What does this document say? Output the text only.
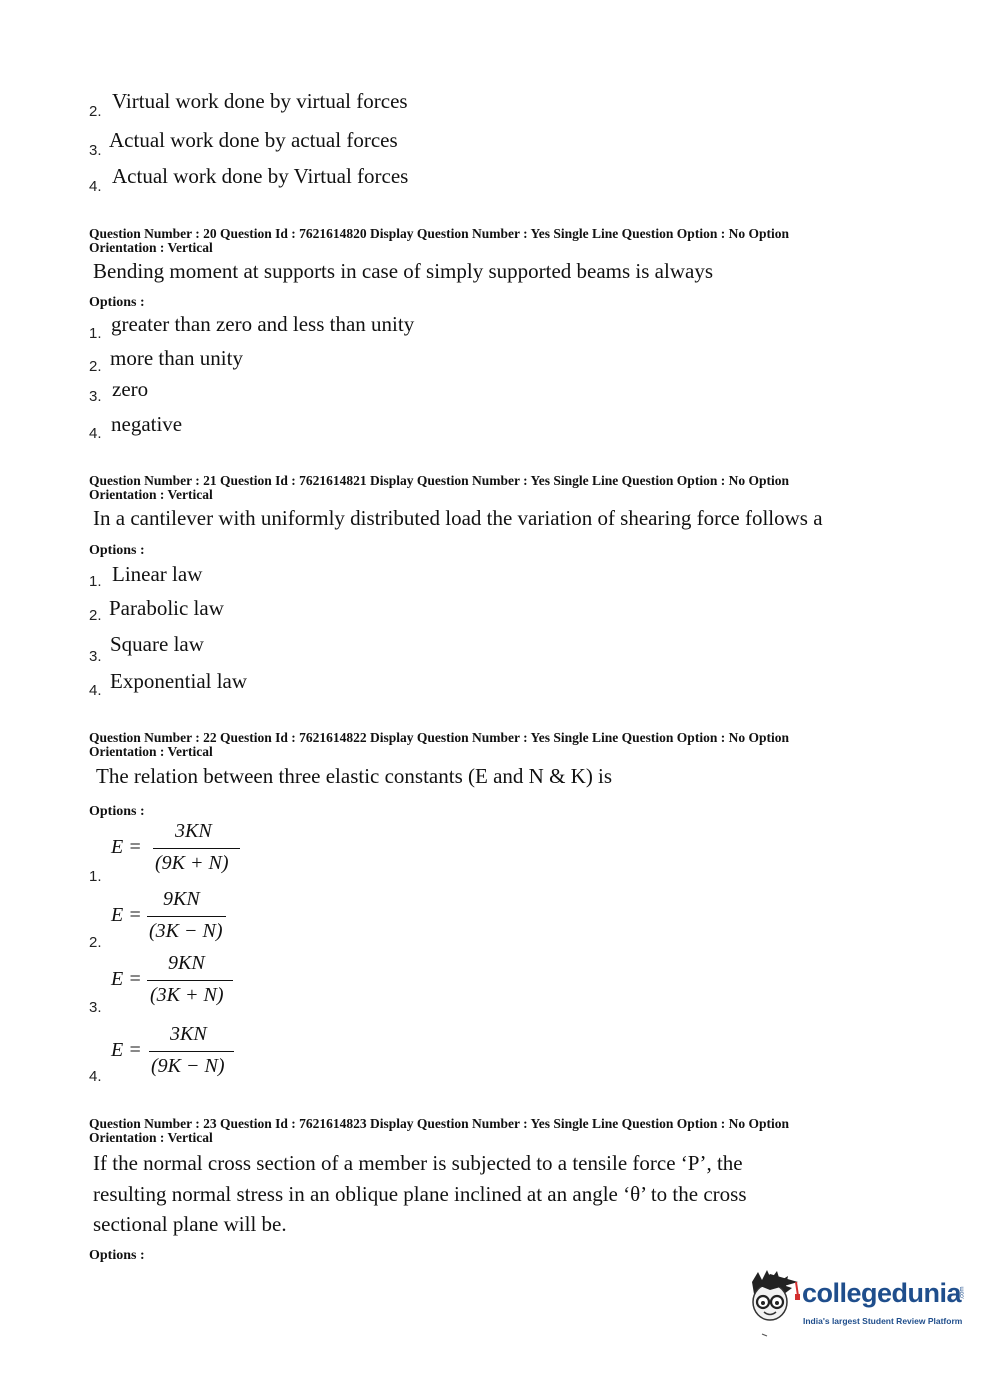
2. Virtual work done by virtual forces
3. Actual work done by actual forces
4. Actual work done by Virtual forces
Question Number : 20 Question Id : 7621614820 Display Question Number : Yes Single Line Question Option : No Option
Orientation : Vertical
Bending moment at supports in case of simply supported beams is always
Options :
1. greater than zero and less than unity
2. more than unity
3. zero
4. negative
Question Number : 21 Question Id : 7621614821 Display Question Number : Yes Single Line Question Option : No Option
Orientation : Vertical
In a cantilever with uniformly distributed load the variation of shearing force follows a
Options :
1. Linear law
2. Parabolic law
3.
Square law
4. Exponential law
Question Number : 22 Question Id : 7621614822 Display Question Number : Yes Single Line Question Option : No Option
Orientation : Vertical
The relation between three elastic constants (E and N & K) is
Options :
1.
E =
3KN
(9K + N)
2.
E =
9KN
(3K − N)
3.
E =
9KN
(3K + N)
4.
E =
3KN
(9K − N)
Question Number : 23 Question Id : 7621614823 Display Question Number : Yes Single Line Question Option : No Option
Orientation : Vertical
If the normal cross section of a member is subjected to a tensile force ‘P’, the
resulting normal stress in an oblique plane inclined at an angle ‘θ’ to the cross
sectional plane will be.
Options :
collegedunia
.com
India's largest Student Review Platform
